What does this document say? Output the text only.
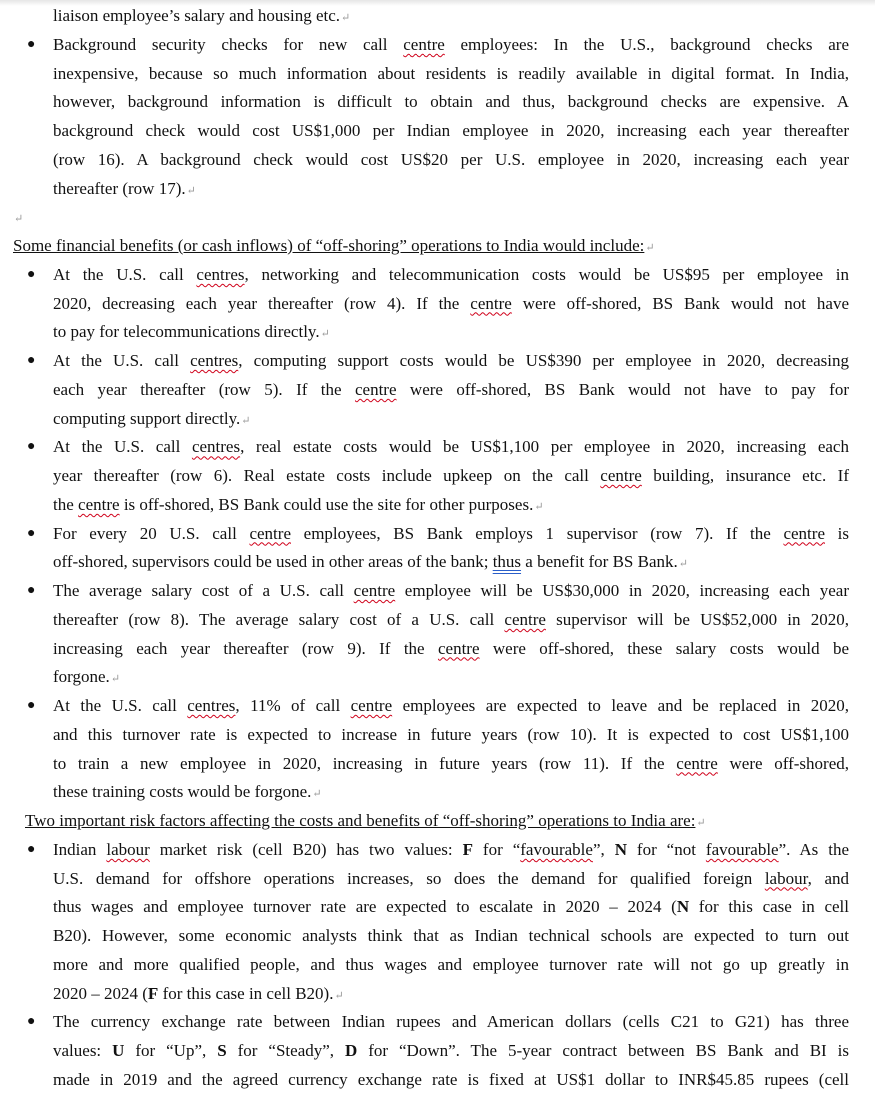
liaison employee’s salary and housing etc.↵
● Background security checks for new call centre employees: In the U.S., background checks are
inexpensive, because so much information about residents is readily available in digital format. In India,
however, background information is difficult to obtain and thus, background checks are expensive. A
background check would cost US$1,000 per Indian employee in 2020, increasing each year thereafter
(row 16). A background check would cost US$20 per U.S. employee in 2020, increasing each year
thereafter (row 17).↵
↵
Some financial benefits (or cash inflows) of “off-shoring” operations to India would include:↵
● At the U.S. call centres, networking and telecommunication costs would be US$95 per employee in
2020, decreasing each year thereafter (row 4). If the centre were off-shored, BS Bank would not have
to pay for telecommunications directly.↵
● At the U.S. call centres, computing support costs would be US$390 per employee in 2020, decreasing
each year thereafter (row 5). If the centre were off-shored, BS Bank would not have to pay for
computing support directly.↵
● At the U.S. call centres, real estate costs would be US$1,100 per employee in 2020, increasing each
year thereafter (row 6). Real estate costs include upkeep on the call centre building, insurance etc. If
the centre is off-shored, BS Bank could use the site for other purposes.↵
● For every 20 U.S. call centre employees, BS Bank employs 1 supervisor (row 7). If the centre is
off-shored, supervisors could be used in other areas of the bank; thus a benefit for BS Bank.↵
● The average salary cost of a U.S. call centre employee will be US$30,000 in 2020, increasing each year
thereafter (row 8). The average salary cost of a U.S. call centre supervisor will be US$52,000 in 2020,
increasing each year thereafter (row 9). If the centre were off-shored, these salary costs would be
forgone.↵
● At the U.S. call centres, 11% of call centre employees are expected to leave and be replaced in 2020,
and this turnover rate is expected to increase in future years (row 10). It is expected to cost US$1,100
to train a new employee in 2020, increasing in future years (row 11). If the centre were off-shored,
these training costs would be forgone.↵
Two important risk factors affecting the costs and benefits of “off-shoring” operations to India are:↵
● Indian labour market risk (cell B20) has two values: F for “favourable”, N for “not favourable”. As the
U.S. demand for offshore operations increases, so does the demand for qualified foreign labour, and
thus wages and employee turnover rate are expected to escalate in 2020 – 2024 (N for this case in cell
B20). However, some economic analysts think that as Indian technical schools are expected to turn out
more and more qualified people, and thus wages and employee turnover rate will not go up greatly in
2020 – 2024 (F for this case in cell B20).↵
● The currency exchange rate between Indian rupees and American dollars (cells C21 to G21) has three
values: U for “Up”, S for “Steady”, D for “Down”. The 5-year contract between BS Bank and BI is
made in 2019 and the agreed currency exchange rate is fixed at US$1 dollar to INR$45.85 rupees (cell
